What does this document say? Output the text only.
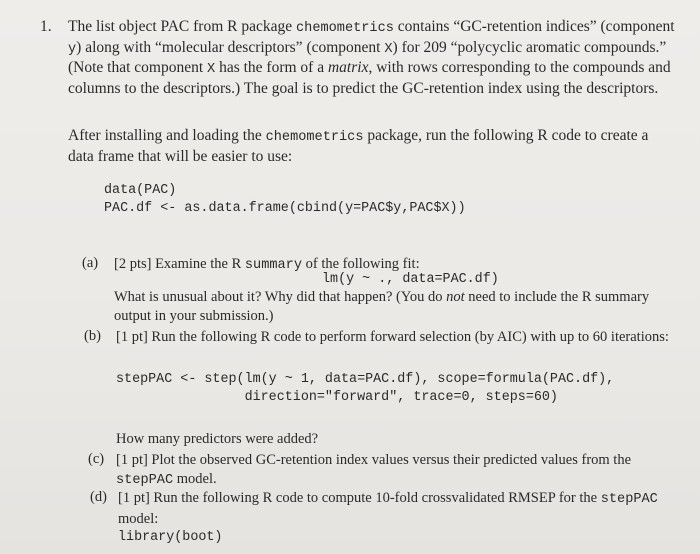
1. The list object PAC from R package chemometrics contains “GC-retention indices” (component y) along with “molecular descriptors” (component X) for 209 “polycyclic aromatic compounds.” (Note that component X has the form of a matrix, with rows corresponding to the compounds and columns to the descriptors.) The goal is to predict the GC-retention index using the descriptors.
After installing and loading the chemometrics package, run the following R code to create a data frame that will be easier to use:
data(PAC)
PAC.df <- as.data.frame(cbind(y=PAC$y,PAC$X))
(a) [2 pts] Examine the R summary of the following fit:
lm(y ~ ., data=PAC.df)
What is unusual about it? Why did that happen? (You do not need to include the R summary output in your submission.)
(b) [1 pt] Run the following R code to perform forward selection (by AIC) with up to 60 iterations:
stepPAC <- step(lm(y ~ 1, data=PAC.df), scope=formula(PAC.df),
direction="forward", trace=0, steps=60)
How many predictors were added?
(c) [1 pt] Plot the observed GC-retention index values versus their predicted values from the stepPAC model.
(d) [1 pt] Run the following R code to compute 10-fold crossvalidated RMSEP for the stepPAC model:
library(boot)
